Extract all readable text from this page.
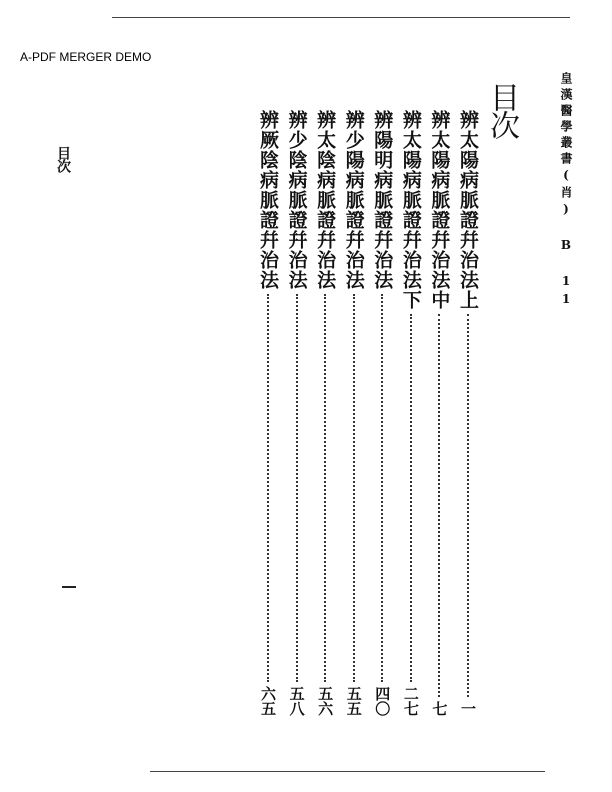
A-PDF MERGER DEMO
目次	皇漢醫學叢書(肖) B 11
目次
辨太陽病脈證幷治法上
一
辨太陽病脈證幷治法中
七
辨太陽病脈證幷治法下
二七
辨陽明病脈證幷治法
四〇
辨少陽病脈證幷治法
五五
辨太陰病脈證幷治法
五六
辨少陰病脈證幷治法
五八
辨厥陰病脈證幷治法
六五
